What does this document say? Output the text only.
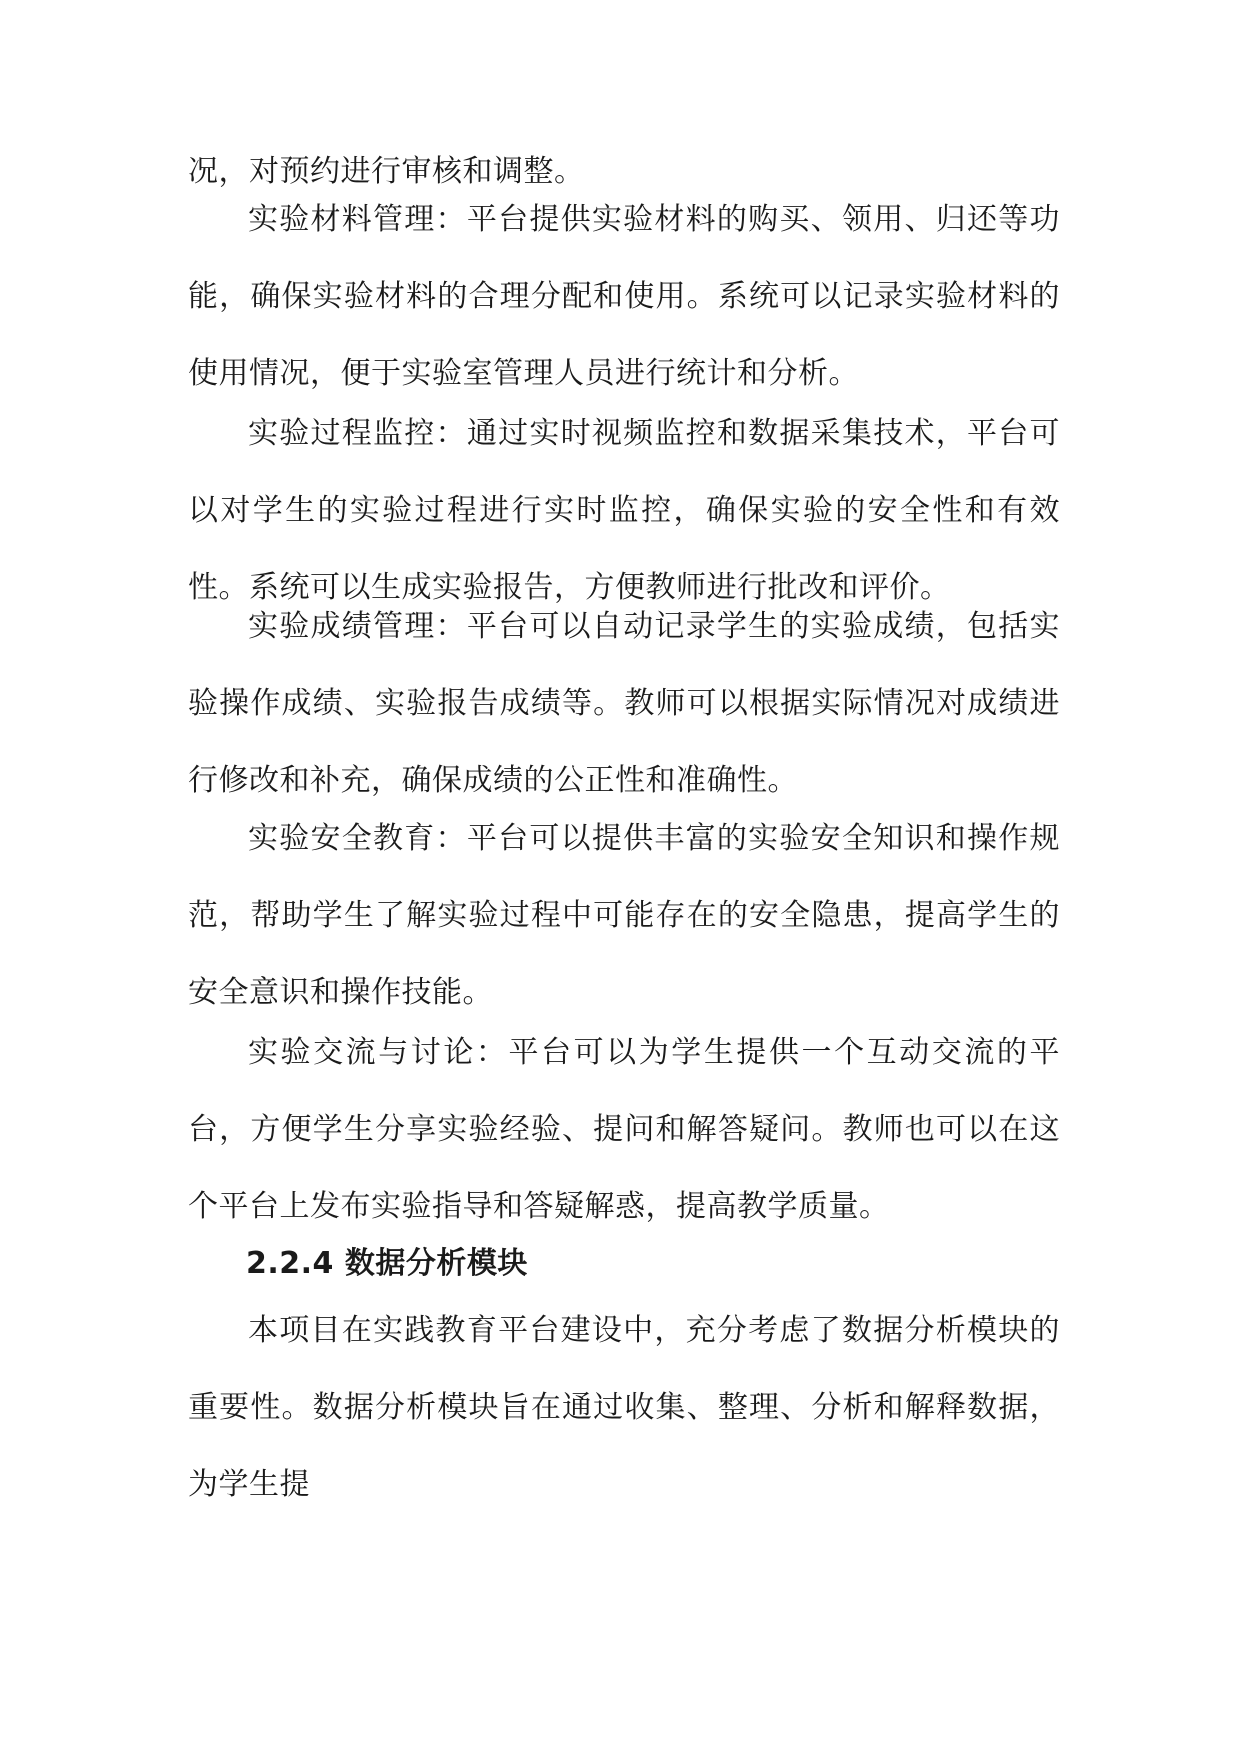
况，对预约进行审核和调整。

实验材料管理：平台提供实验材料的购买、领用、归还等功能，确保实验材料的合理分配和使用。系统可以记录实验材料的使用情况，便于实验室管理人员进行统计和分析。

实验过程监控：通过实时视频监控和数据采集技术，平台可以对学生的实验过程进行实时监控，确保实验的安全性和有效性。系统可以生成实验报告，方便教师进行批改和评价。

实验成绩管理：平台可以自动记录学生的实验成绩，包括实验操作成绩、实验报告成绩等。教师可以根据实际情况对成绩进行修改和补充，确保成绩的公正性和准确性。

实验安全教育：平台可以提供丰富的实验安全知识和操作规范，帮助学生了解实验过程中可能存在的安全隐患，提高学生的安全意识和操作技能。

实验交流与讨论：平台可以为学生提供一个互动交流的平台，方便学生分享实验经验、提问和解答疑问。教师也可以在这个平台上发布实验指导和答疑解惑，提高教学质量。

2.2.4 数据分析模块

本项目在实践教育平台建设中，充分考虑了数据分析模块的重要性。数据分析模块旨在通过收集、整理、分析和解释数据，为学生提
